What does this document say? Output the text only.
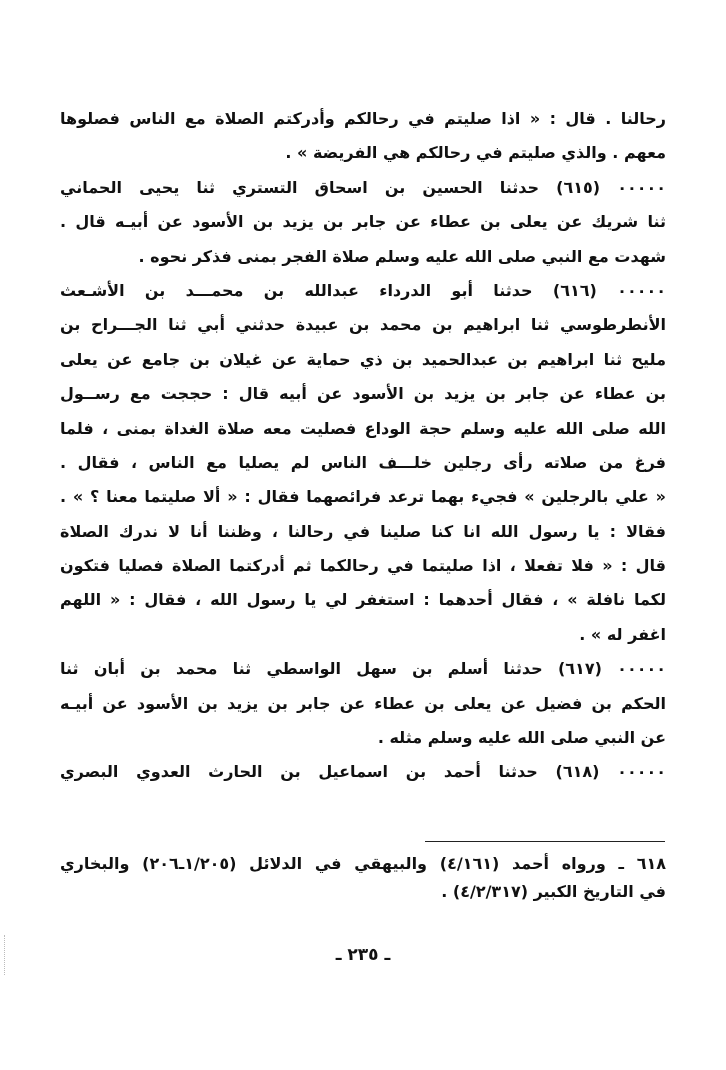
رحالنا . قال : « اذا صليتم في رحالكم وأدركتم الصلاة مع الناس فصلوها
معهم . والذي صليتم في رحالكم هي الفريضة » .
٠٠٠٠٠ (٦١٥) حدثنا الحسين بن اسحاق التستري ثنا يحيى الحماني
ثنا شريك عن يعلى بن عطاء عن جابر بن يزيد بن الأسود عن أبيـه قال .
شهدت مع النبي صلى الله عليه وسلم صلاة الفجر بمنى فذكر نحوه .
٠٠٠٠٠ (٦١٦) حدثنا أبو الدرداء عبدالله بن محمـــد بن الأشـعث
الأنطرطوسي ثنا ابراهيم بن محمد بن عبيدة حدثني أبي ثنا الجـــراح بن
مليح ثنا ابراهيم بن عبدالحميد بن ذي حماية عن غيلان بن جامع عن يعلى
بن عطاء عن جابر بن يزيد بن الأسود عن أبيه قال : حججت مع رســول
الله صلى الله عليه وسلم حجة الوداع فصليت معه صلاة الغداة بمنى ، فلما
فرغ من صلاته رأى رجلين خلـــف الناس لم يصليا مع الناس ، فقال .
« علي بالرجلين » فجيء بهما ترعد فرائصهما فقال : « ألا صليتما معنا ؟ » .
فقالا : يا رسول الله انا كنا صلينا في رحالنا ، وظننا أنا لا ندرك الصلاة
قال : « فلا تفعلا ، اذا صليتما في رحالكما ثم أدركتما الصلاة فصليا فتكون
لكما نافلة » ، فقال أحدهما : استغفر لي يا رسول الله ، فقال : « اللهم
اغفر له » .
٠٠٠٠٠ (٦١٧) حدثنا أسلم بن سهل الواسطي ثنا محمد بن أبان ثنا
الحكم بن فضيل عن يعلى بن عطاء عن جابر بن يزيد بن الأسود عن أبيـه
عن النبي صلى الله عليه وسلم مثله .
٠٠٠٠٠ (٦١٨) حدثنا أحمد بن اسماعيل بن الحارث العدوي البصري
٦١٨ ـ ورواه أحمد (٤/١٦١) والبيهقي في الدلائل (١/٢٠٥ـ٢٠٦) والبخاري
في التاريخ الكبير (٤/٢/٣١٧) .
ـ ٢٣٥ ـ
